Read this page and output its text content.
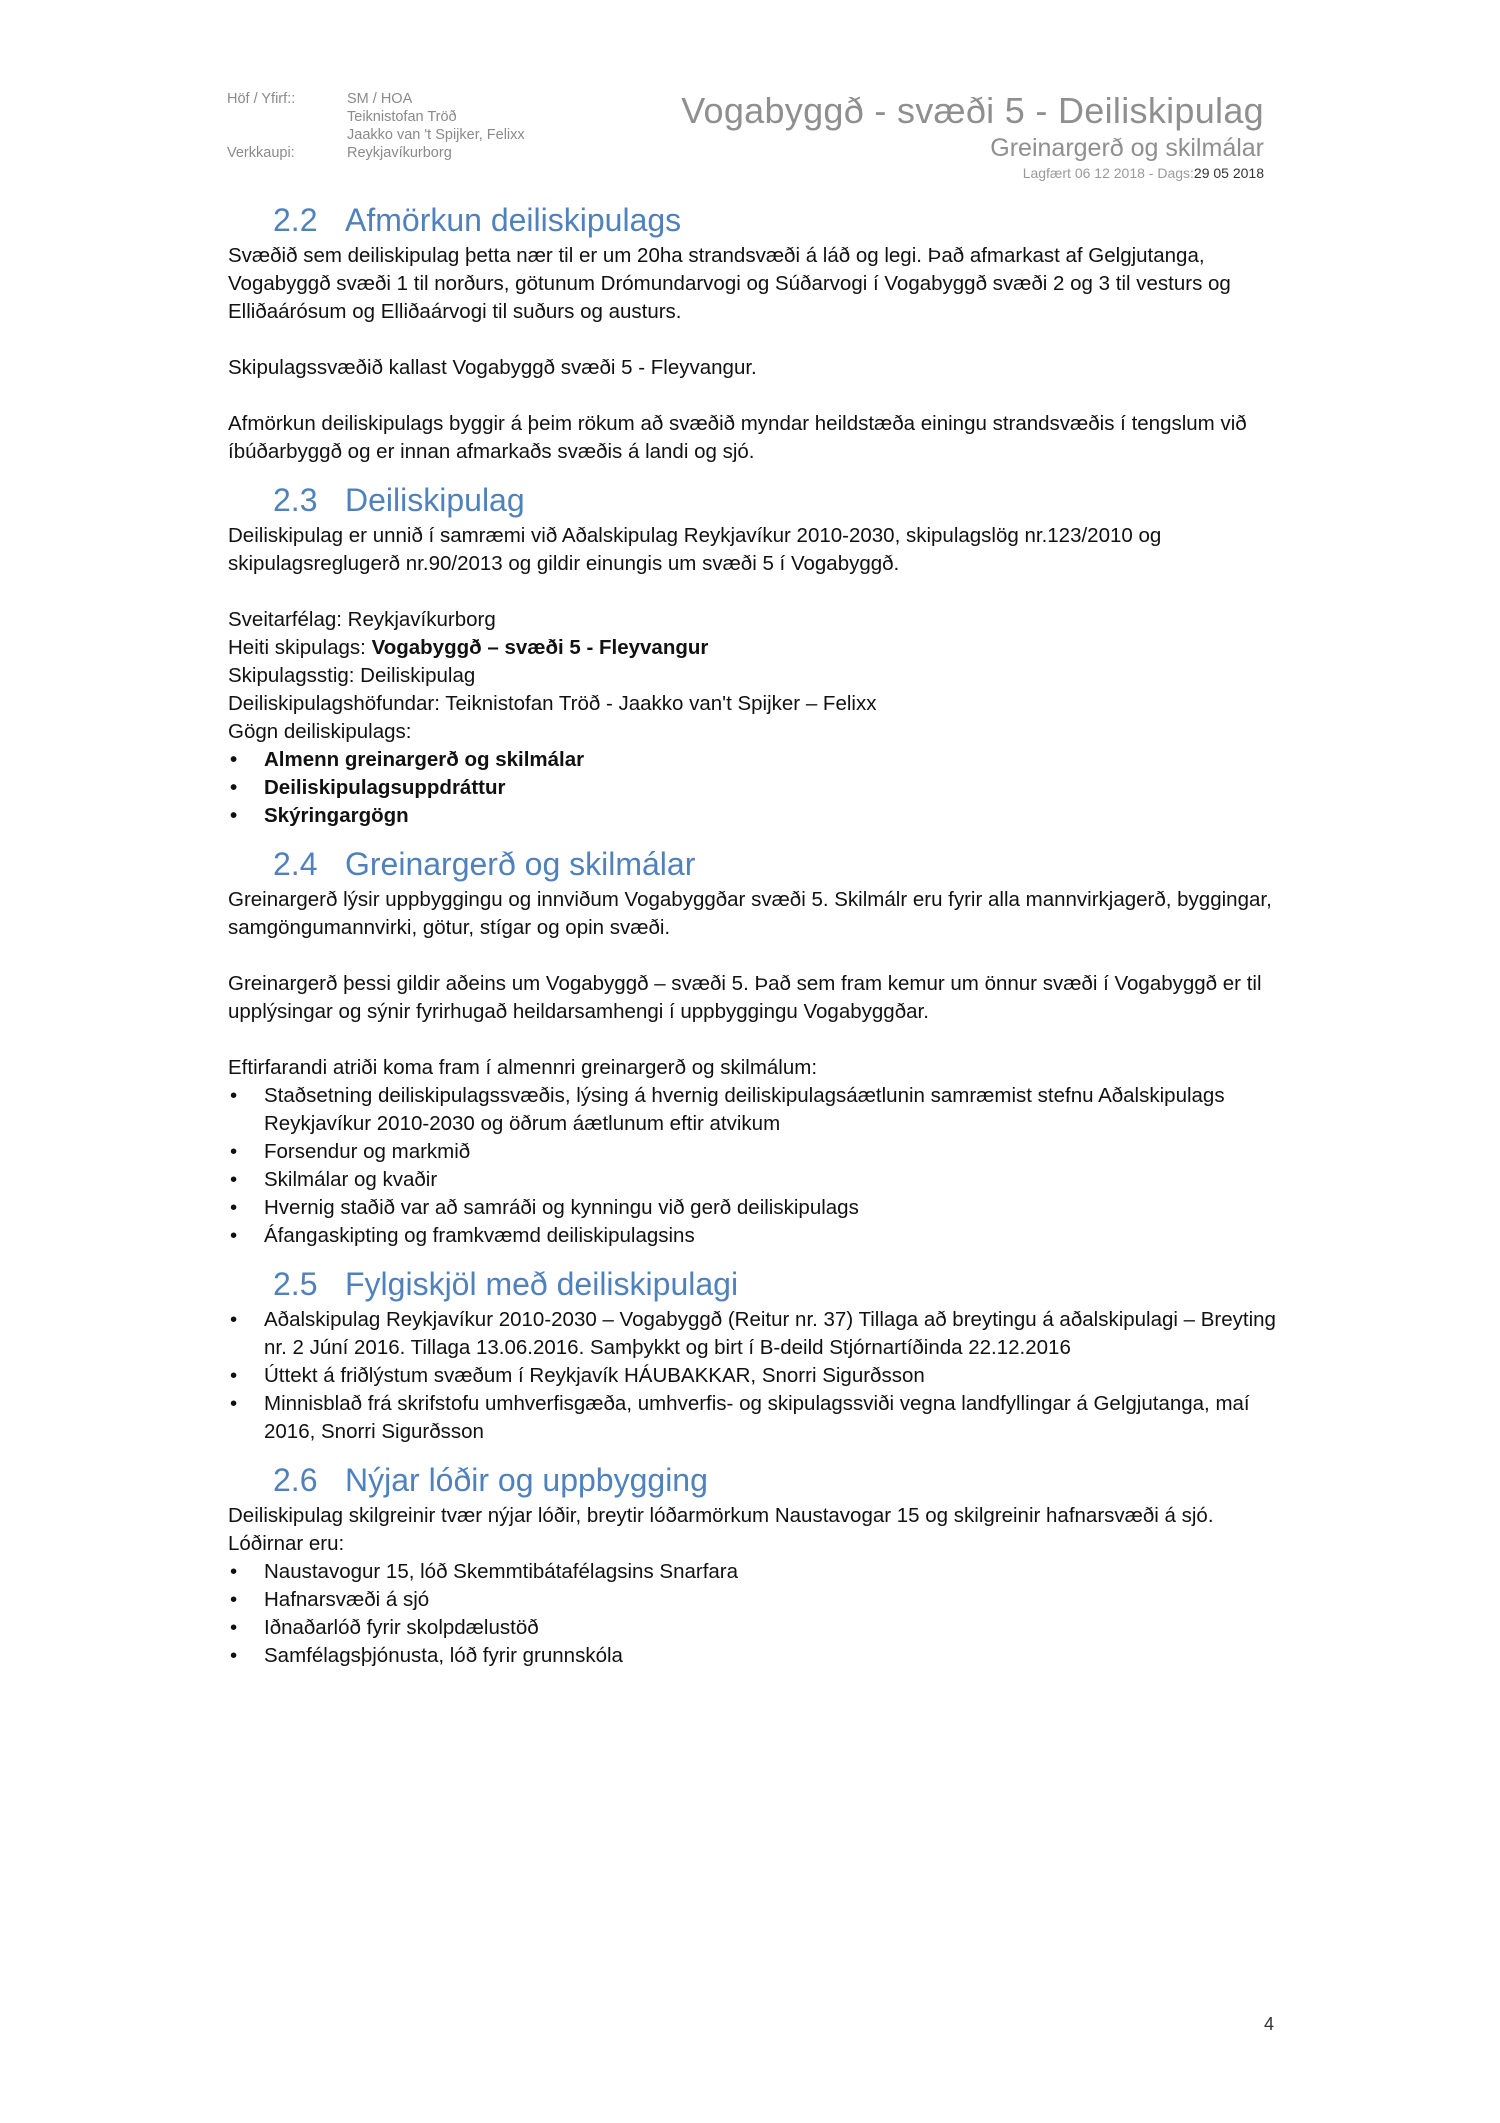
Höf / Yfirf::	SM / HOA
Teiknistofan Tröð
Jaakko van 't Spijker, Felixx
Verkkaupi:	Reykjavíkurborg
Vogabyggð - svæði 5 - Deiliskipulag
Greinargerð og skilmálar
Lagfært 06 12 2018 - Dags:29 05 2018
2.2 Afmörkun deiliskipulags

Svæðið sem deiliskipulag þetta nær til er um 20ha strandsvæði á láð og legi. Það afmarkast af Gelgjutanga, Vogabyggð svæði 1 til norðurs, götunum Drómundarvogi og Súðarvogi í Vogabyggð svæði 2 og 3 til vesturs og Elliðaárósum og Elliðaárvogi til suðurs og austurs.

Skipulagssvæðið kallast Vogabyggð svæði 5 - Fleyvangur.

Afmörkun deiliskipulags byggir á þeim rökum að svæðið myndar heildstæða einingu strandsvæðis í tengslum við íbúðarbyggð og er innan afmarkaðs svæðis á landi og sjó.

2.3 Deiliskipulag

Deiliskipulag er unnið í samræmi við Aðalskipulag Reykjavíkur 2010-2030, skipulagslög nr.123/2010 og skipulagsreglugerð nr.90/2013 og gildir einungis um svæði 5 í Vogabyggð.

Sveitarfélag: Reykjavíkurborg
Heiti skipulags: Vogabyggð – svæði 5 - Fleyvangur
Skipulagsstig: Deiliskipulag
Deiliskipulagshöfundar: Teiknistofan Tröð - Jaakko van't Spijker – Felixx
Gögn deiliskipulags:
• Almenn greinargerð og skilmálar
• Deiliskipulagsuppdráttur
• Skýringargögn
2.4 Greinargerð og skilmálar

Greinargerð lýsir uppbyggingu og innviðum Vogabyggðar svæði 5. Skilmálr eru fyrir alla mannvirkjagerð, byggingar, samgöngumannvirki, götur, stígar og opin svæði.

Greinargerð þessi gildir aðeins um Vogabyggð – svæði 5. Það sem fram kemur um önnur svæði í Vogabyggð er til upplýsingar og sýnir fyrirhugað heildarsamhengi í uppbyggingu Vogabyggðar.

Eftirfarandi atriði koma fram í almennri greinargerð og skilmálum:
• Staðsetning deiliskipulagssvæðis, lýsing á hvernig deiliskipulagsáætlunin samræmist stefnu Aðalskipulags Reykjavíkur 2010-2030 og öðrum áætlunum eftir atvikum
• Forsendur og markmið
• Skilmálar og kvaðir
• Hvernig staðið var að samráði og kynningu við gerð deiliskipulags
• Áfangaskipting og framkvæmd deiliskipulagsins
2.5 Fylgiskjöl með deiliskipulagi
• Aðalskipulag Reykjavíkur 2010-2030 – Vogabyggð (Reitur nr. 37) Tillaga að breytingu á aðalskipulagi – Breyting nr. 2 Júní 2016. Tillaga 13.06.2016. Samþykkt og birt í B-deild Stjórnartíðinda 22.12.2016
• Úttekt á friðlýstum svæðum í Reykjavík HÁUBAKKAR, Snorri Sigurðsson
• Minnisblað frá skrifstofu umhverfisgæða, umhverfis- og skipulagssviði vegna landfyllingar á Gelgjutanga, maí 2016, Snorri Sigurðsson
2.6 Nýjar lóðir og uppbygging
Deiliskipulag skilgreinir tvær nýjar lóðir, breytir lóðarmörkum Naustavogar 15 og skilgreinir hafnarsvæði á sjó. Lóðirnar eru:
• Naustavogur 15, lóð Skemmtibátafélagsins Snarfara
• Hafnarsvæði á sjó
• Iðnaðarlóð fyrir skolpdælustöð
• Samfélagsþjónusta, lóð fyrir grunnskóla
4
